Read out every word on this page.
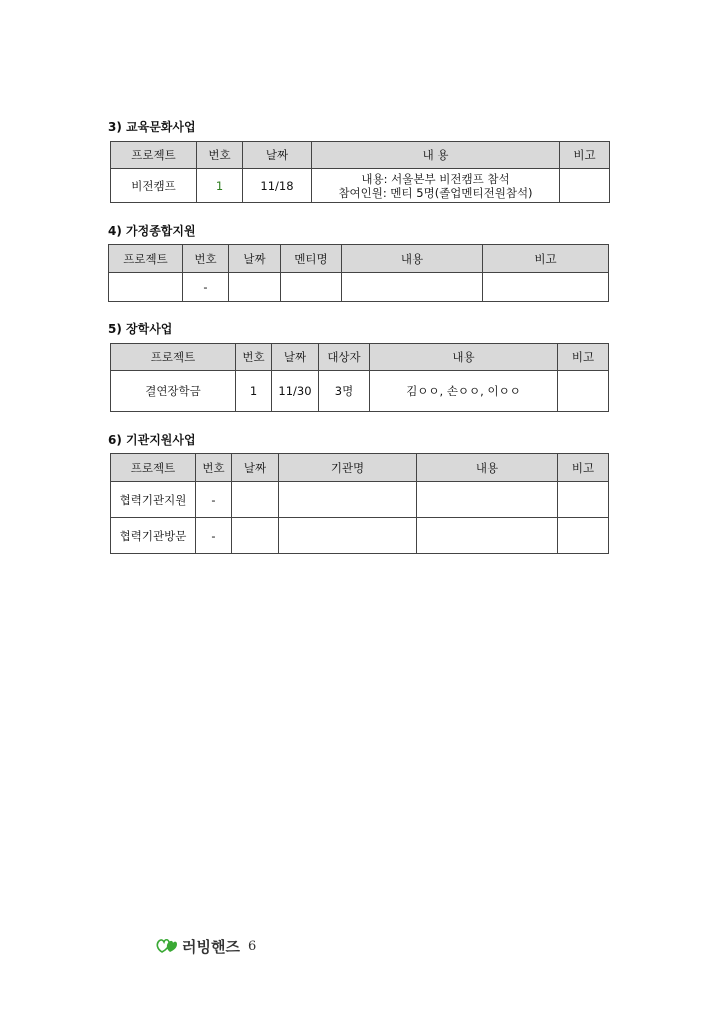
3) 교육문화사업
프로젝트	번호	날짜	내 용	비고
비전캠프	1	11/18	내용: 서울본부 비전캠프 참석
참여인원: 멘티 5명(졸업멘티전원참석)	

4) 가정종합지원
프로젝트	번호	날짜	멘티명	내용	비고
	-				
5) 장학사업
프로젝트	번호	날짜	대상자	내용	비고
결연장학금	1	11/30	3명	김ㅇㅇ, 손ㅇㅇ, 이ㅇㅇ	
6) 기관지원사업
프로젝트	번호	날짜	기관명	내용	비고
협력기관지원	-				
협력기관방문	-				
러빙핸즈 6
